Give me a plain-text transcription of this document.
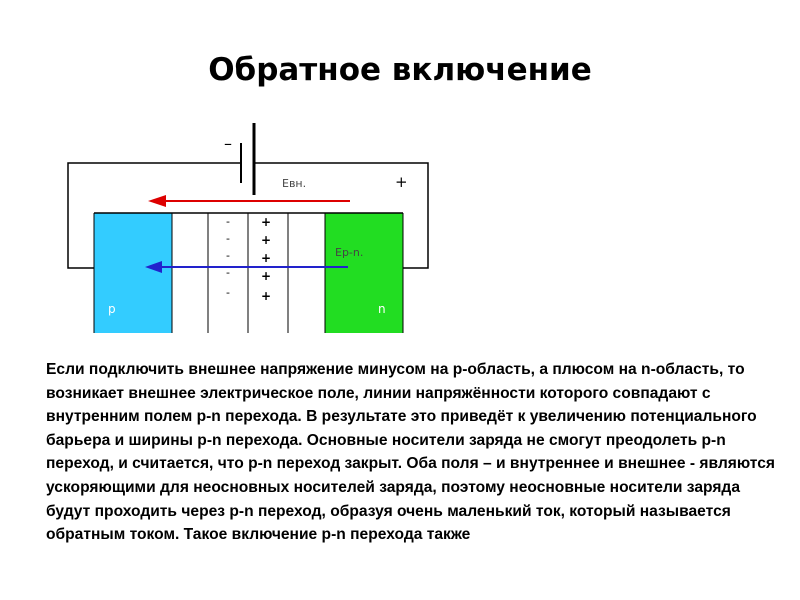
Обратное включение
–
+
-
-
-
-
-
+
+
+
+
+
Eвн.
Ep-n.
p	n
Если подключить внешнее напряжение минусом на p-область, а плюсом на n-область, то возникает внешнее электрическое поле, линии напряжённости которого совпадают с внутренним полем p-n перехода. В результате это приведёт к увеличению потенциального барьера и ширины p-n перехода. Основные носители заряда не смогут преодолеть p-n переход, и считается, что p-n переход закрыт. Оба поля – и внутреннее и внешнее - являются ускоряющими для неосновных носителей заряда, поэтому неосновные носители заряда будут проходить через p-n переход, образуя очень маленький ток, который называется обратным током. Такое включение p-n перехода также
